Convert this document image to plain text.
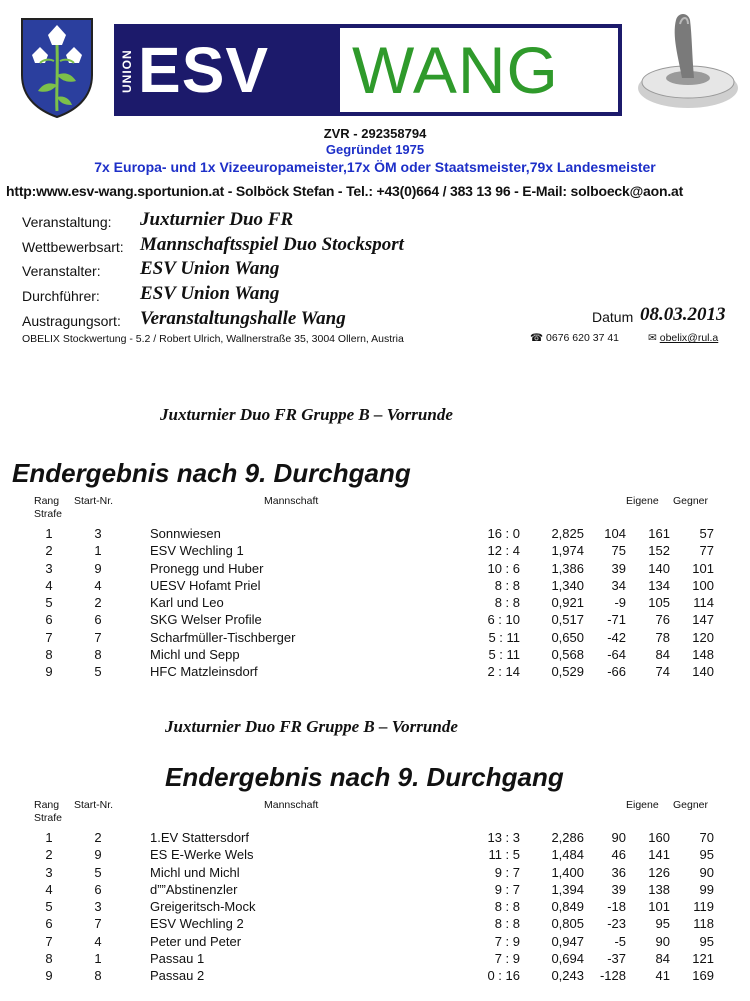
UNION ESV WANG
ZVR - 292358794
Gegründet 1975
7x Europa- und 1x Vizeeuropameister,17x ÖM oder Staatsmeister,79x Landesmeister
http:www.esv-wang.sportunion.at - Solböck Stefan - Tel.: +43(0)664 / 383 13 96 - E-Mail: solboeck@aon.at
Veranstaltung: Juxturnier Duo FR
Wettbewerbsart: Mannschaftsspiel Duo Stocksport
Veranstalter: ESV Union Wang
Durchführer: ESV Union Wang
Austragungsort: Veranstaltungshalle Wang	Datum 08.03.2013
OBELIX Stockwertung - 5.2 / Robert Ulrich, Wallnerstraße 35, 3004 Ollern, Austria	☎ 0676 620 37 41	✉ obelix@rul.a
Juxturnier Duo FR Gruppe B – Vorrunde
Endergebnis nach 9. Durchgang
Rang
Strafe
Start-Nr.	Mannschaft	Eigene Gegner
1	3	Sonnwiesen	16 : 0	2,825	104	161	57
2	1	ESV Wechling 1	12 : 4	1,974	75	152	77
3	9	Pronegg und Huber	10 : 6	1,386	39	140	101
4	4	UESV Hofamt Priel	8 : 8	1,340	34	134	100
5	2	Karl und Leo	8 : 8	0,921	-9	105	114
6	6	SKG Welser Profile	6 : 10	0,517	-71	76	147
7	7	Scharfmüller-Tischberger	5 : 11	0,650	-42	78	120
8	8	Michl und Sepp	5 : 11	0,568	-64	84	148
9	5	HFC Matzleinsdorf	2 : 14	0,529	-66	74	140
Juxturnier Duo FR Gruppe B – Vorrunde
Endergebnis nach 9. Durchgang
Rang
Strafe
Start-Nr.	Mannschaft	Eigene Gegner
1	2	1.EV Stattersdorf	13 : 3	2,286	90	160	70
2	9	ES E-Werke Wels	11 : 5	1,484	46	141	95
3	5	Michl und Michl	9 : 7	1,400	36	126	90
4	6	d””Abstinenzler	9 : 7	1,394	39	138	99
5	3	Greigeritsch-Mock	8 : 8	0,849	-18	101	119
6	7	ESV Wechling 2	8 : 8	0,805	-23	95	118
7	4	Peter und Peter	7 : 9	0,947	-5	90	95
8	1	Passau 1	7 : 9	0,694	-37	84	121
9	8	Passau 2	0 : 16	0,243	-128	41	169
